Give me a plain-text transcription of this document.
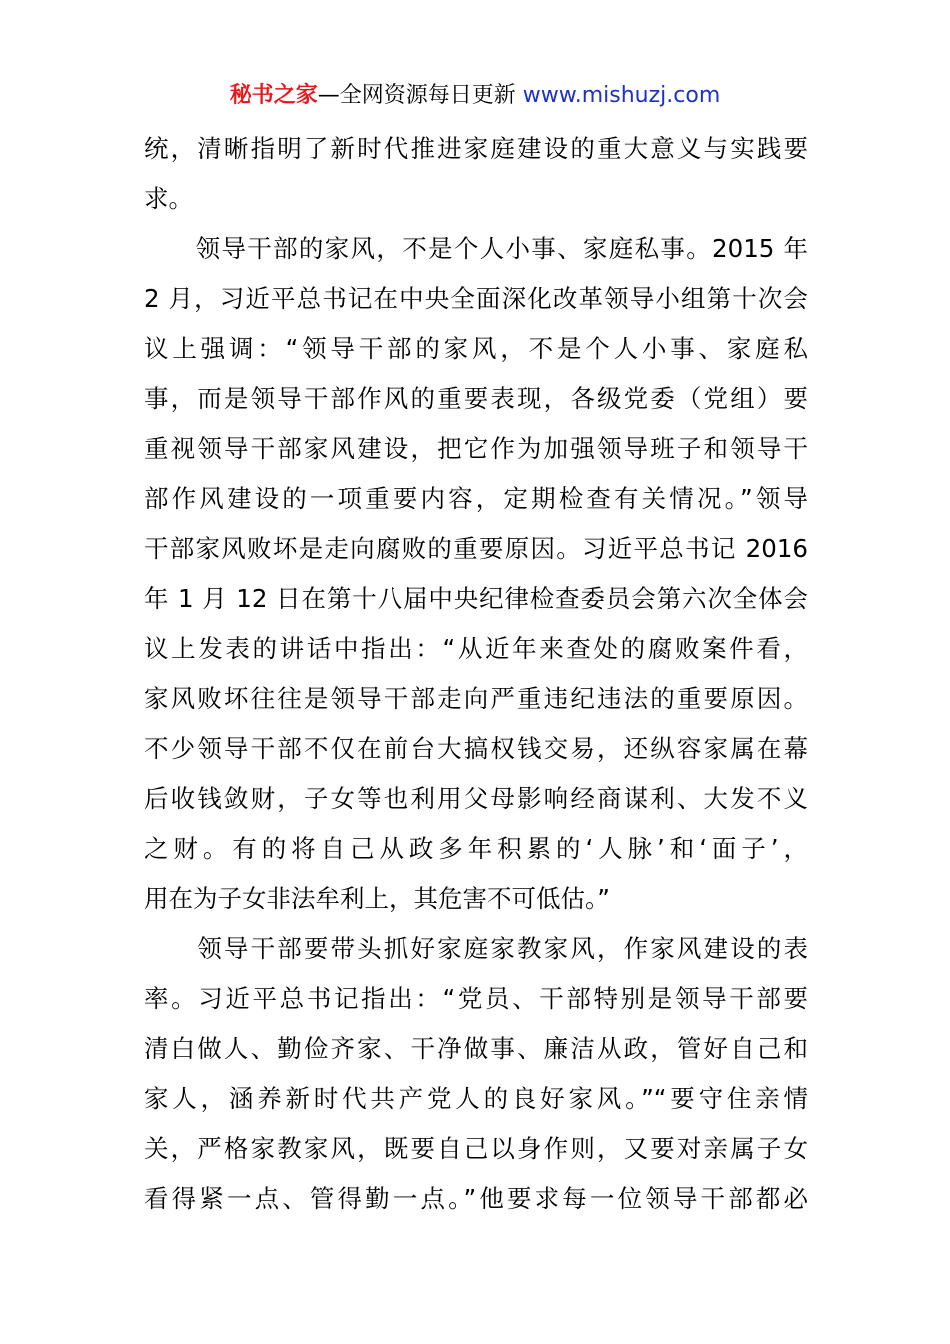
秘书之家—全网资源每日更新 www.mishuzj.com
统，清晰指明了新时代推进家庭建设的重大意义与实践要
求。
　　领导干部的家风，不是个人小事、家庭私事。2015 年
2 月，习近平总书记在中央全面深化改革领导小组第十次会
议上强调：“领导干部的家风，不是个人小事、家庭私
事，而是领导干部作风的重要表现，各级党委（党组）要
重视领导干部家风建设，把它作为加强领导班子和领导干
部作风建设的一项重要内容，定期检查有关情况。”领导
干部家风败坏是走向腐败的重要原因。习近平总书记 2016
年 1 月 12 日在第十八届中央纪律检查委员会第六次全体会
议上发表的讲话中指出：“从近年来查处的腐败案件看，
家风败坏往往是领导干部走向严重违纪违法的重要原因。
不少领导干部不仅在前台大搞权钱交易，还纵容家属在幕
后收钱敛财，子女等也利用父母影响经商谋利、大发不义
之财。有的将自己从政多年积累的‘人脉’和‘面子’，
用在为子女非法牟利上，其危害不可低估。”
　　领导干部要带头抓好家庭家教家风，作家风建设的表
率。习近平总书记指出：“党员、干部特别是领导干部要
清白做人、勤俭齐家、干净做事、廉洁从政，管好自己和
家人，涵养新时代共产党人的良好家风。”“要守住亲情
关，严格家教家风，既要自己以身作则，又要对亲属子女
看得紧一点、管得勤一点。”他要求每一位领导干部都必
